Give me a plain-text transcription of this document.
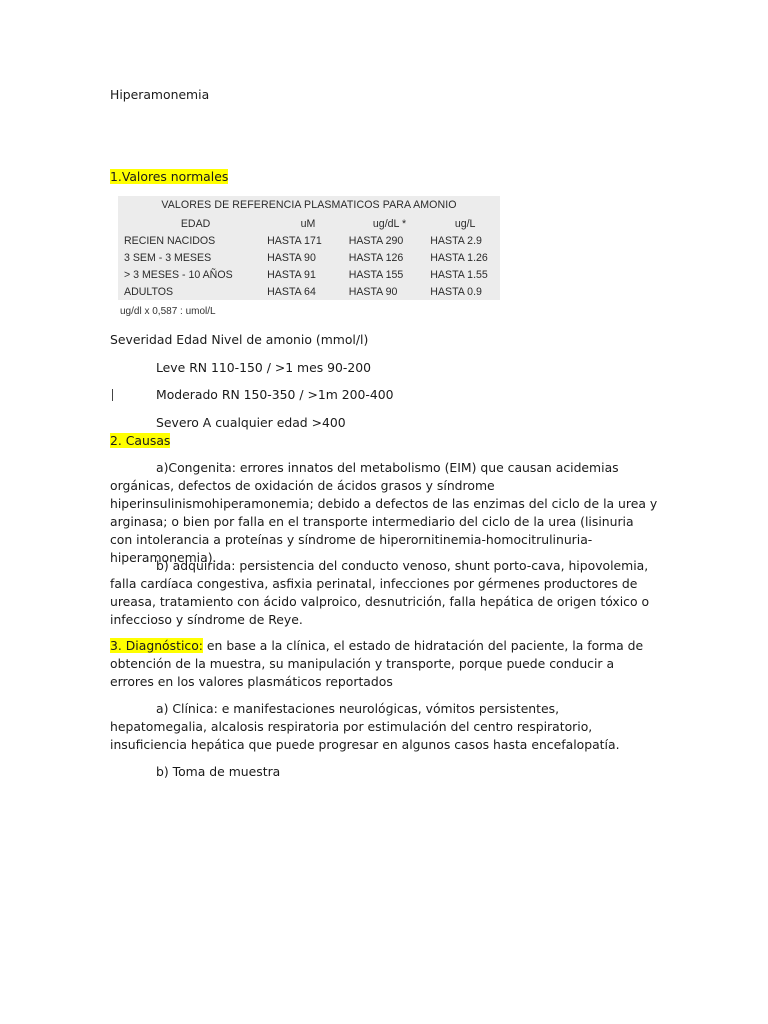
Hiperamonemia
1.Valores normales
VALORES DE REFERENCIA PLASMATICOS PARA AMONIO
EDAD	uM	ug/dL *	ug/L
RECIEN NACIDOS	HASTA 171	HASTA 290	HASTA 2.9
3 SEM - 3 MESES	HASTA 90	HASTA 126	HASTA 1.26
> 3 MESES - 10 AÑOS	HASTA 91	HASTA 155	HASTA 1.55
ADULTOS	HASTA 64	HASTA 90	HASTA 0.9
ug/dl x 0,587 : umol/L
Severidad Edad Nivel de amonio (mmol/l)
Leve RN 110-150 / >1 mes 90-200
Moderado RN 150-350 / >1m 200-400
Severo A cualquier edad >400
2. Causas

a)Congenita: errores innatos del metabolismo (EIM) que causan acidemias orgánicas, defectos de oxidación de ácidos grasos y síndrome hiperinsulinismohiperamonemia; debido a defectos de las enzimas del ciclo de la urea y arginasa; o bien por falla en el transporte intermediario del ciclo de la urea (lisinuria con intolerancia a proteínas y síndrome de hiperornitinemia-homocitrulinuria-hiperamonemia).

b) adquirida: persistencia del conducto venoso, shunt porto-cava, hipovolemia, falla cardíaca congestiva, asfixia perinatal, infecciones por gérmenes productores de ureasa, tratamiento con ácido valproico, desnutrición, falla hepática de origen tóxico o infeccioso y síndrome de Reye.

3. Diagnóstico: en base a la clínica, el estado de hidratación del paciente, la forma de obtención de la muestra, su manipulación y transporte, porque puede conducir a errores en los valores plasmáticos reportados

a) Clínica: e manifestaciones neurológicas, vómitos persistentes, hepatomegalia, alcalosis respiratoria por estimulación del centro respiratorio, insuficiencia hepática que puede progresar en algunos casos hasta encefalopatía.

b) Toma de muestra
